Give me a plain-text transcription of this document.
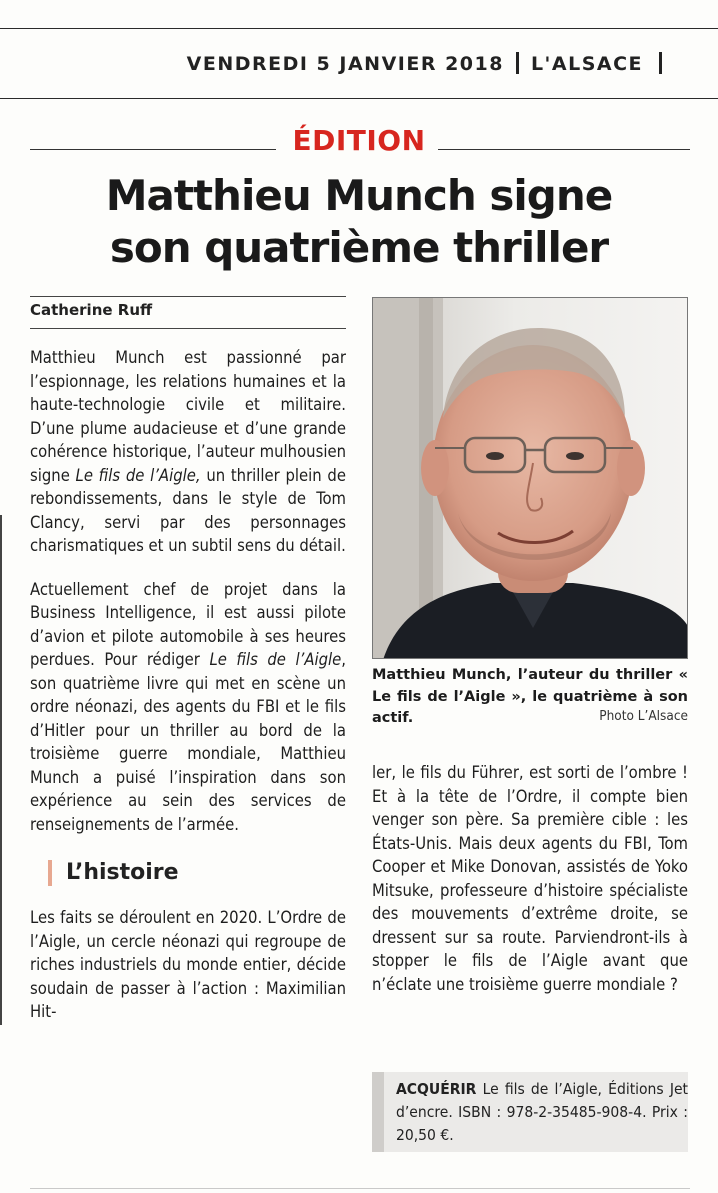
VENDREDI 5 JANVIER 2018 L'ALSACE
ÉDITION
Matthieu Munch signe
son quatrième thriller
Catherine Ruff

Matthieu Munch est passionné par l’espionnage, les relations humaines et la haute-technologie civile et militaire. D’une plume audacieuse et d’une grande cohérence historique, l’auteur mulhousien signe Le fils de l’Aigle, un thriller plein de rebondissements, dans le style de Tom Clancy, servi par des personnages charismatiques et un subtil sens du détail.

Actuellement chef de projet dans la Business Intelligence, il est aussi pilote d’avion et pilote automobile à ses heures perdues. Pour rédiger Le fils de l’Aigle, son quatrième livre qui met en scène un ordre néonazi, des agents du FBI et le fils d’Hitler pour un thriller au bord de la troisième guerre mondiale, Matthieu Munch a puisé l’inspiration dans son expérience au sein des services de renseignements de l’armée.

L’histoire

Les faits se déroulent en 2020. L’Ordre de l’Aigle, un cercle néonazi qui regroupe de riches industriels du monde entier, décide soudain de passer à l’action : Maximilian Hit-

Matthieu Munch, l’auteur du thriller « Le fils de l’Aigle », le quatrième à son actif.	Photo L’Alsace

ler, le fils du Führer, est sorti de l’ombre ! Et à la tête de l’Ordre, il compte bien venger son père. Sa première cible : les États-Unis. Mais deux agents du FBI, Tom Cooper et Mike Donovan, assistés de Yoko Mitsuke, professeure d’histoire spécialiste des mouvements d’extrême droite, se dressent sur sa route. Parviendront-ils à stopper le fils de l’Aigle avant que n’éclate une troisième guerre mondiale ?

ACQUÉRIR Le fils de l’Aigle, Éditions Jet d’encre. ISBN : 978-2-35485-908-4. Prix : 20,50 €.
